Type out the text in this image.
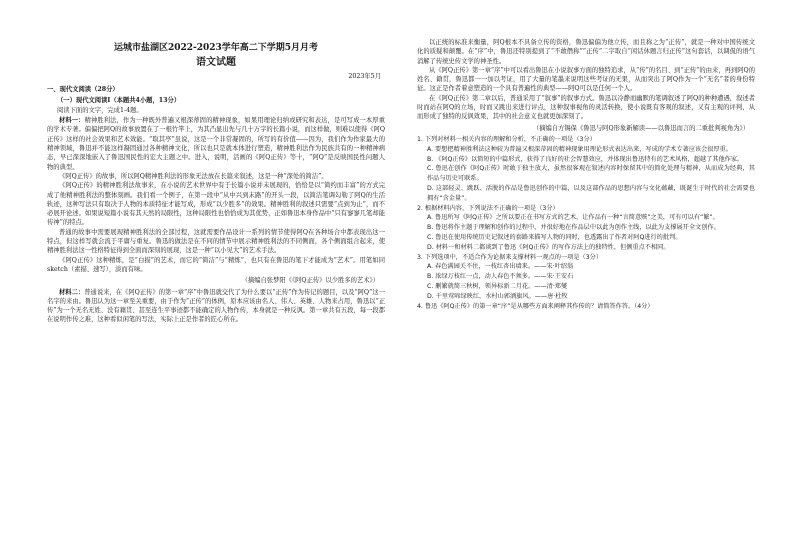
运城市盐湖区2022-2023学年高二下学期5月月考
语文试题
2023年5月
一、现代文阅读（28分）
（一）现代文阅读Ⅰ（本题共4小题，13分）
阅读下面的文字，完成1-4题。

材料一：精神胜利法，作为一种既外普遍又根深蒂固的精神现象，如果用理论归纳或研究和表达，是可写成一本厚重的学术专著。偏偏把阿Q的故事放置在了一根竹竿上，为其凸显出先与几十万字的长篇小说，而这样做，则难以使得《阿Q正传》这样的社会效果和艺术效能。“取其亭”虽说，这是一个非常凝固的，所写的有价值——因为，我们作为作家最大的精神领域，鲁迅并不能这样凝固通过各种精神文化，所以也只是就本体进行塑造，精神胜利法作为民族共有的一种精神病态，早已深深地嵌入了鲁迅国民性的宏大主题之中。进入，说明，活画的《阿Q正传》等十，“阿Q”是反映国民性问题人物的典型。

《阿Q正传》的故事，所以阿Q精神胜利法的形象无法放在长篇来叙述，这是一种“深处的简洁”。

《阿Q正传》的精神胜利法故事来，在小说的艺术世界中有于长篇小说并未展现的，恰恰是以“简约而丰富”的方式完成了他精神胜利法的整体刻画。我们看一个例子，在第一段中“从中兴到末路”的开头一段，以简洁笔调勾勒了阿Q的生活轨迹，这种写法只有取决于人物的本质特征才能写成，形成“以少胜多”的效果。精神胜利的叙述只需要“点到为止”，而不必展开论述。如果说短篇小说有其天然的局限性，这种局限性也恰恰成为其优势，正如鲁迅本身作品中“只有寥寥几笔却能传神”的特点。

普通的故事中需要展现精神胜利法的全部过程，这就需要作品设计一系列的情节使得阿Q在各种场合中都表现出这一特点，但这样写就会流于平庸与重复。鲁迅的做法是在不同的情节中展示精神胜利法的不同侧面，各个侧面组合起来，使精神胜利法这一性格特征得到全面而深刻的展现，这是一种“以小见大”的艺术手法。

《阿Q正传》这种精炼，是“白描”的艺术，而它的“简洁”与“精炼”，也只有在鲁迅的笔下才能成为“艺术”。用笔如同 sketch（素描、速写），淡而有味。

（摘编自张梦阳《《阿Q正传》以少胜多的艺术》）

材料二：普通说来，在《阿Q正传》的第一章“序”中鲁迅就交代了为什么要以“正传”作为传记的题目，以及“阿Q”这一名字的来由。鲁迅认为这一章至关重要，由于作为“正传”的体例，原本应该由名人、伟人、英雄、人物来占用，鲁迅以“正传”为一个无名无姓、没有籍贯、甚至连生平事迹都不能确定的人物作传，本身就是一种反讽。第一章共有五段，每一段都在说明作传之难，这种看似闲笔的写法，实际上正是作者的匠心所在。

以正统的标准来衡量，阿Q根本不具备立传的资格，鲁迅偏偏为他立传，而且称之为“正传”，就是一种对中国传统文化的质疑和颠覆。在“序”中，鲁迅还特别提到了“不敢僭称”“正传”二字取自“闲话休题言归正传”这句套话，以调侃的语气消解了传统史传文学的神圣性。

从《阿Q正传》第一章“序”中可以看出鲁迅在小说叙事方面的独特追求，从“传”的名目、到“正传”的由来，再到阿Q的姓名、籍贯，鲁迅都一一加以考证，用了大量的笔墨来说明这些考证的无果，从而突出了阿Q作为一个“无名”者的身份特征。这正是作者着意塑造的一个具有普遍性的典型——阿Q可以是任何一个人。

在《阿Q正传》第二章以后，普通采用了“叙事”的叙事方式。鲁迅以冷静而幽默的笔调叙述了阿Q的种种遭遇，叙述者时而站在阿Q的立场，时而又跳出来进行评点，这种叙事视角的灵活转换，使小说既有客观的叙述，又有主观的评判，从而形成了独特的反讽效果，其中的社会意义也就更加深刻了。

（摘编自方锡保《鲁迅与阿Q形象新解读——以鲁迅而言的二重批判视角为》）

1. 下列对材料一相关内容的理解和分析，不正确的一项是（3分）

A. 要想把精神胜利法这种较为普遍又根深蒂固的精神现象用理论形式表达出来，写成的学术专著应该会很厚重。

B. 《阿Q正传》以简短的中篇形式，获得了良好的社会智慧效应，并体现出鲁迅特有的艺术风格，超越了其他作家。

C. 鲁迅在创作《阿Q正传》时敢于独主放大，虽然很客观在叙述内容时保留其中的简化处理与精神，从而成为经典，其作品与历史可联系。

D. 这部轻灵、跳跃、活脱的作品是鲁迅创作的中篇，以及这部作品的思想内容与文化蕴藏，既诞生于时代的社会需要也拥有“含金量”。

2. 根据材料内容，下列说法不正确的一项是（3分）

A. 鲁迅所写《阿Q正传》之所以要正在书写方式的艺术，让作品有一种“言简意赅”之美，可有可以有“繁”。

B. 鲁迅将作主题于理解和创作的过程中，并很好地在作品层中以此为创作主线，以此为支撑展开全文创作。

C. 鲁迅在使用传统历史记叙述的套路来描写人物的同时，也透露出了作者对阿Q进行的批判。

D. 材料一和材料二都谈到了鲁迅《阿Q正传》的写作方法上的独特性，但侧重点不相同。

3. 下列选项中，不适合作为论据来支撑材料一观点的一项是（3分）

A. 春色满园关不住，一枝红杏出墙来。——宋·叶绍翁

B. 浓绿万枝红一点，动人春色不须多。——宋·王安石

C. 删繁就简三秋树，领异标新二月花。——清·郑燮

D. 千里莺啼绿映红，水村山郭酒旗风。——唐·杜牧

4. 鲁迅《阿Q正传》的第一章“序”是从哪些方面来阐释其作传的？请简答作答。（4分）
